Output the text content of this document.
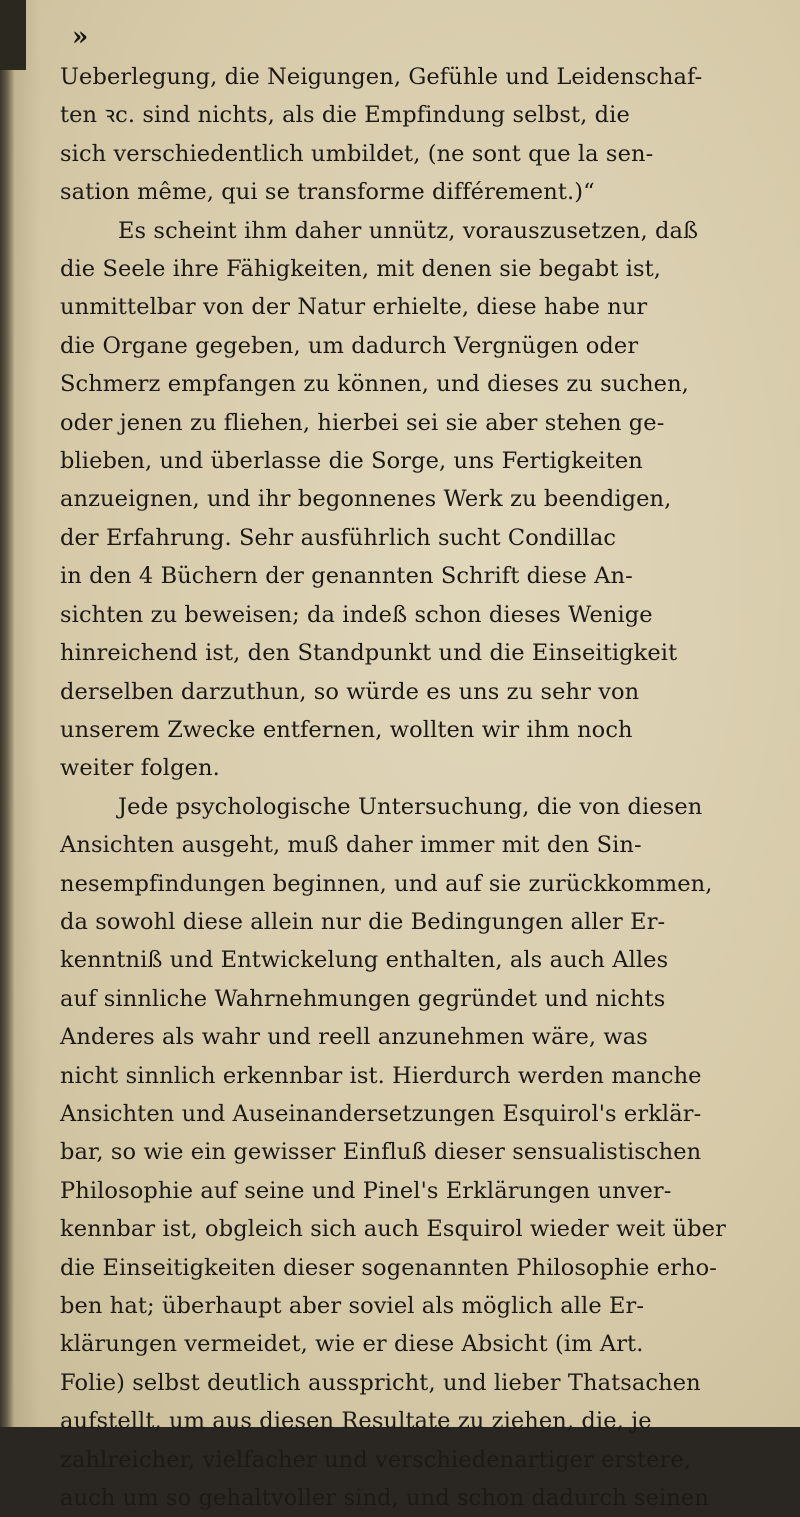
»
Ueberlegung, die Neigungen, Gefühle und Leidenschaf-
ten ꝛc. sind nichts, als die Empfindung selbst, die
sich verschiedentlich umbildet, (ne sont que la sen-
sation même, qui se transforme différement.)“
Es scheint ihm daher unnütz, vorauszusetzen, daß
die Seele ihre Fähigkeiten, mit denen sie begabt ist,
unmittelbar von der Natur erhielte, diese habe nur
die Organe gegeben, um dadurch Vergnügen oder
Schmerz empfangen zu können, und dieses zu suchen,
oder jenen zu fliehen, hierbei sei sie aber stehen ge-
blieben, und überlasse die Sorge, uns Fertigkeiten
anzueignen, und ihr begonnenes Werk zu beendigen,
der Erfahrung. Sehr ausführlich sucht Condillac
in den 4 Büchern der genannten Schrift diese An-
sichten zu beweisen; da indeß schon dieses Wenige
hinreichend ist, den Standpunkt und die Einseitigkeit
derselben darzuthun, so würde es uns zu sehr von
unserem Zwecke entfernen, wollten wir ihm noch
weiter folgen.
Jede psychologische Untersuchung, die von diesen
Ansichten ausgeht, muß daher immer mit den Sin-
nesempfindungen beginnen, und auf sie zurückkommen,
da sowohl diese allein nur die Bedingungen aller Er-
kenntniß und Entwickelung enthalten, als auch Alles
auf sinnliche Wahrnehmungen gegründet und nichts
Anderes als wahr und reell anzunehmen wäre, was
nicht sinnlich erkennbar ist. Hierdurch werden manche
Ansichten und Auseinandersetzungen Esquirol's erklär-
bar, so wie ein gewisser Einfluß dieser sensualistischen
Philosophie auf seine und Pinel's Erklärungen unver-
kennbar ist, obgleich sich auch Esquirol wieder weit über
die Einseitigkeiten dieser sogenannten Philosophie erho-
ben hat; überhaupt aber soviel als möglich alle Er-
klärungen vermeidet, wie er diese Absicht (im Art.
Folie) selbst deutlich ausspricht, und lieber Thatsachen
aufstellt, um aus diesen Resultate zu ziehen, die, je
zahlreicher, vielfacher und verschiedenartiger erstere,
auch um so gehaltvoller sind, und schon dadurch seinen
